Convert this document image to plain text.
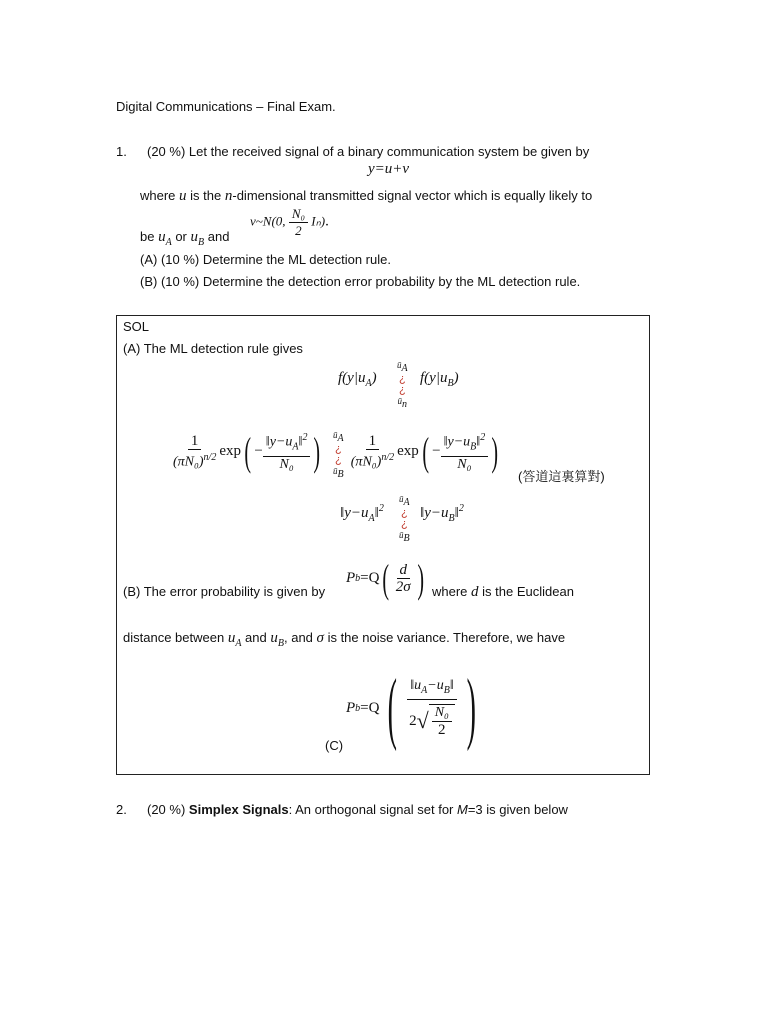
Digital Communications – Final Exam.
1. (20 %) Let the received signal of a binary communication system be given by
y=u+v
where u is the n-dimensional transmitted signal vector which is equally likely to
be $u_A$ or $u_B$ and
v~N(0, $\frac{\text{N₀}}{2} I_n$).
(A) (10 %) Determine the ML detection rule.
(B) (10 %) Determine the detection error probability by the ML detection rule.
SOL
(A) The ML detection rule gives
$f(y|u_A)$
$ū_A$
¿
¿
$ū_n$
$f(y|u_B)$
$\frac{1}{(\pi N_0)^{n/2}}$ exp ( − $\frac{‖y-u_A‖^2}{\text{N₀}}$ ) $\frac{1}{(\pi N_0)^{n/2}}$ exp ( − $\frac{‖y-u_B‖^2}{\text{N₀}}$ )
$ū_A$
¿
¿
$ū_B$	(答道這裏算對)
$‖y-u_A‖^2$
$ū_A$
¿
¿
$ū_B$
$‖y-u_B‖^2$
P b =Q ( $\frac{d}{2\sigma}$ )
(B) The error probability is given by	where d is the Euclidean
distance between $u_A$ and $u_B$, and σ is the noise variance. Therefore, we have
P b =Q ( $\frac{‖u_A-u_B‖}{2 √ \frac{\text{N₀}}{2}}$ )
(C)
2. (20 %) Simplex Signals: An orthogonal signal set for M=3 is given below
